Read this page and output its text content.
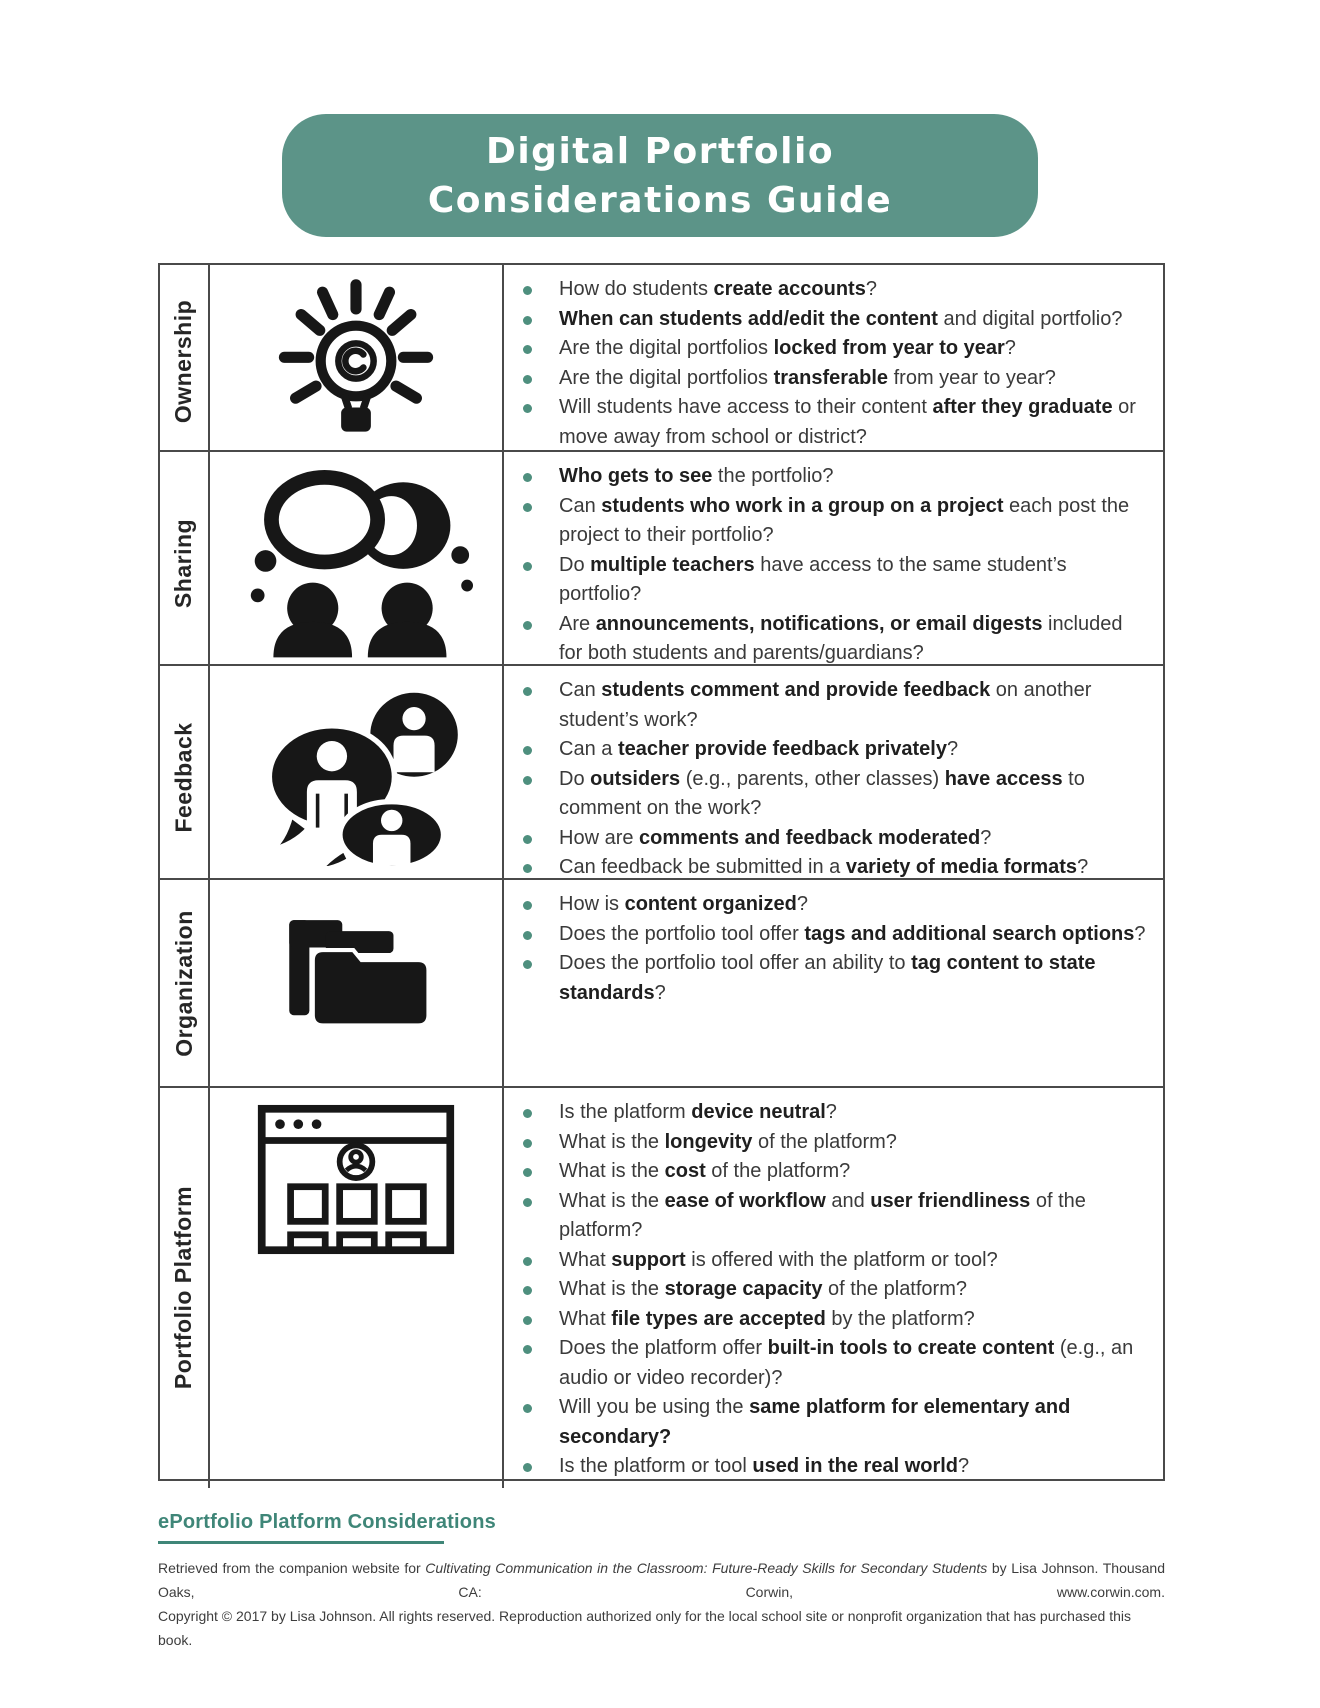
Digital Portfolio
Considerations Guide
Ownership
How do students create accounts?
When can students add/edit the content and digital portfolio?
Are the digital portfolios locked from year to year?
Are the digital portfolios transferable from year to year?
Will students have access to their content after they graduate or move away from school or district?
Sharing
Who gets to see the portfolio?
Can students who work in a group on a project each post the project to their portfolio?
Do multiple teachers have access to the same student’s portfolio?
Are announcements, notifications, or email digests included for both students and parents/guardians?
Feedback
Can students comment and provide feedback on another student’s work?
Can a teacher provide feedback privately?
Do outsiders (e.g., parents, other classes) have access to comment on the work?
How are comments and feedback moderated?
Can feedback be submitted in a variety of media formats?
Organization
How is content organized?
Does the portfolio tool offer tags and additional search options?
Does the portfolio tool offer an ability to tag content to state standards?
Portfolio Platform
Is the platform device neutral?
What is the longevity of the platform?
What is the cost of the platform?
What is the ease of workflow and user friendliness of the platform?
What support is offered with the platform or tool?
What is the storage capacity of the platform?
What file types are accepted by the platform?
Does the platform offer built-in tools to create content (e.g., an audio or video recorder)?
Will you be using the same platform for elementary and secondary?
Is the platform or tool used in the real world?
ePortfolio Platform Considerations
Retrieved from the companion website for Cultivating Communication in the Classroom: Future-Ready Skills for Secondary Students by Lisa Johnson. Thousand Oaks, CA: Corwin, www.corwin.com.
Copyright © 2017 by Lisa Johnson. All rights reserved. Reproduction authorized only for the local school site or nonprofit organization that has purchased this book.
